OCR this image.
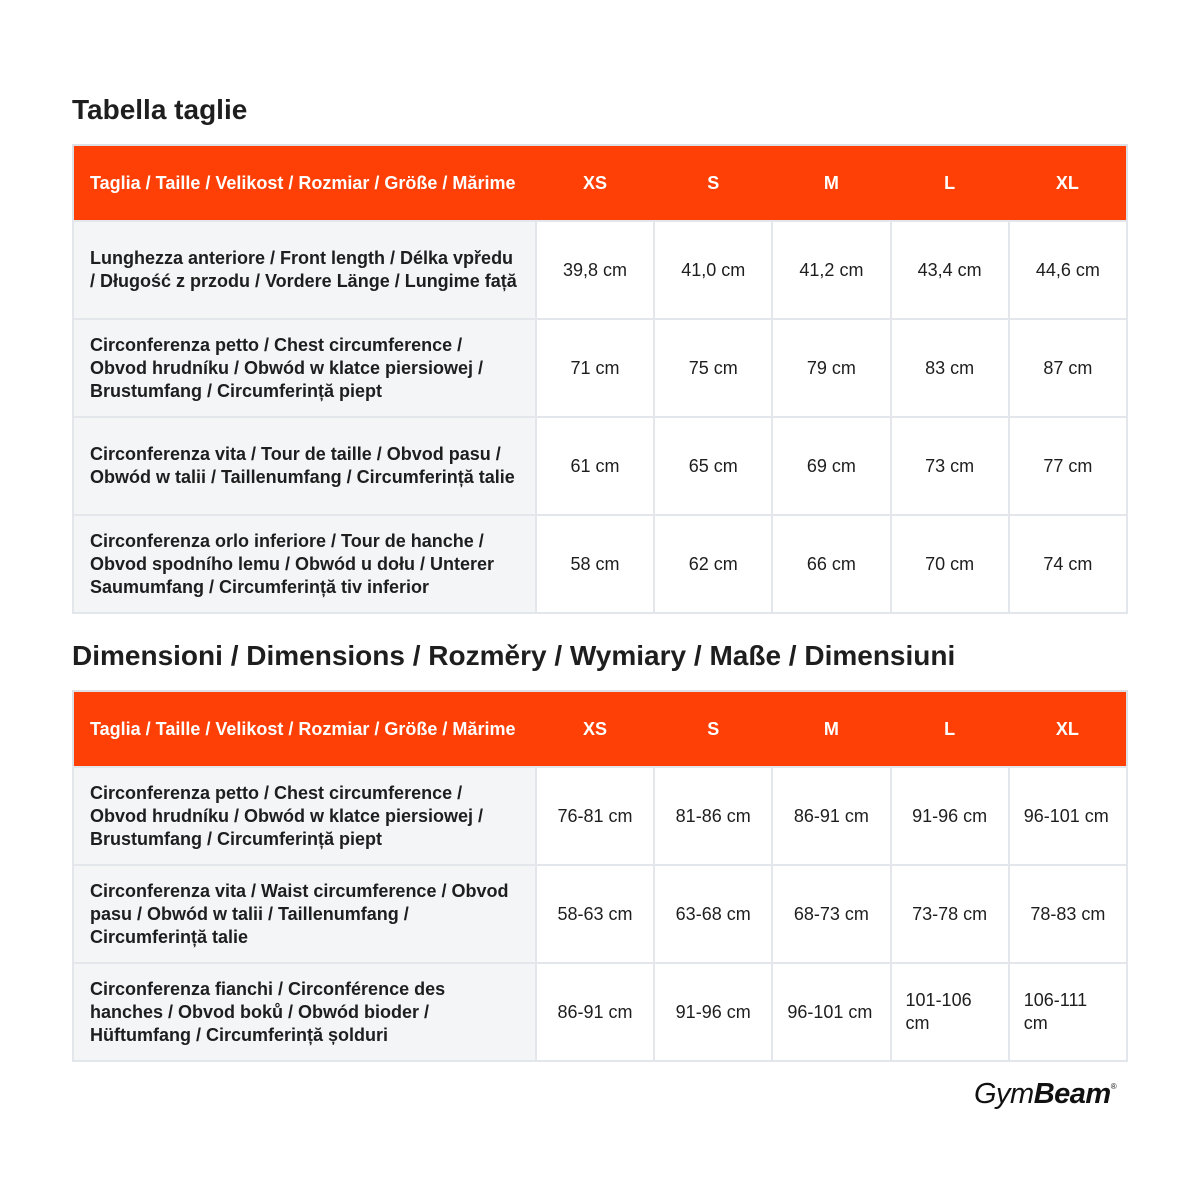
Tabella taglie
Taglia / Taille / Velikost / Rozmiar / Größe / Mărime	XS	S	M	L	XL
Lunghezza anteriore / Front length / Délka vpředu / Długość z przodu / Vordere Länge / Lungime față	39,8 cm	41,0 cm	41,2 cm	43,4 cm	44,6 cm
Circonferenza petto / Chest circumference / Obvod hrudníku / Obwód w klatce piersiowej / Brustumfang / Circumferință piept	71 cm	75 cm	79 cm	83 cm	87 cm
Circonferenza vita / Tour de taille / Obvod pasu / Obwód w talii / Taillenumfang / Circumferință talie	61 cm	65 cm	69 cm	73 cm	77 cm
Circonferenza orlo inferiore / Tour de hanche / Obvod spodního lemu / Obwód u dołu / Unterer Saumumfang / Circumferință tiv inferior	58 cm	62 cm	66 cm	70 cm	74 cm
Dimensioni / Dimensions / Rozměry / Wymiary / Maße / Dimensiuni
Taglia / Taille / Velikost / Rozmiar / Größe / Mărime	XS	S	M	L	XL
Circonferenza petto / Chest circumference / Obvod hrudníku / Obwód w klatce piersiowej / Brustumfang / Circumferință piept	76-81 cm	81-86 cm	86-91 cm	91-96 cm	96-101 cm
Circonferenza vita / Waist circumference / Obvod pasu / Obwód w talii / Taillenumfang / Circumferință talie	58-63 cm	63-68 cm	68-73 cm	73-78 cm	78-83 cm
Circonferenza fianchi / Circonférence des hanches / Obvod boků / Obwód bioder / Hüftumfang / Circumferință șolduri	86-91 cm	91-96 cm	96-101 cm	101-106 cm	106-111 cm
GymBeam®
